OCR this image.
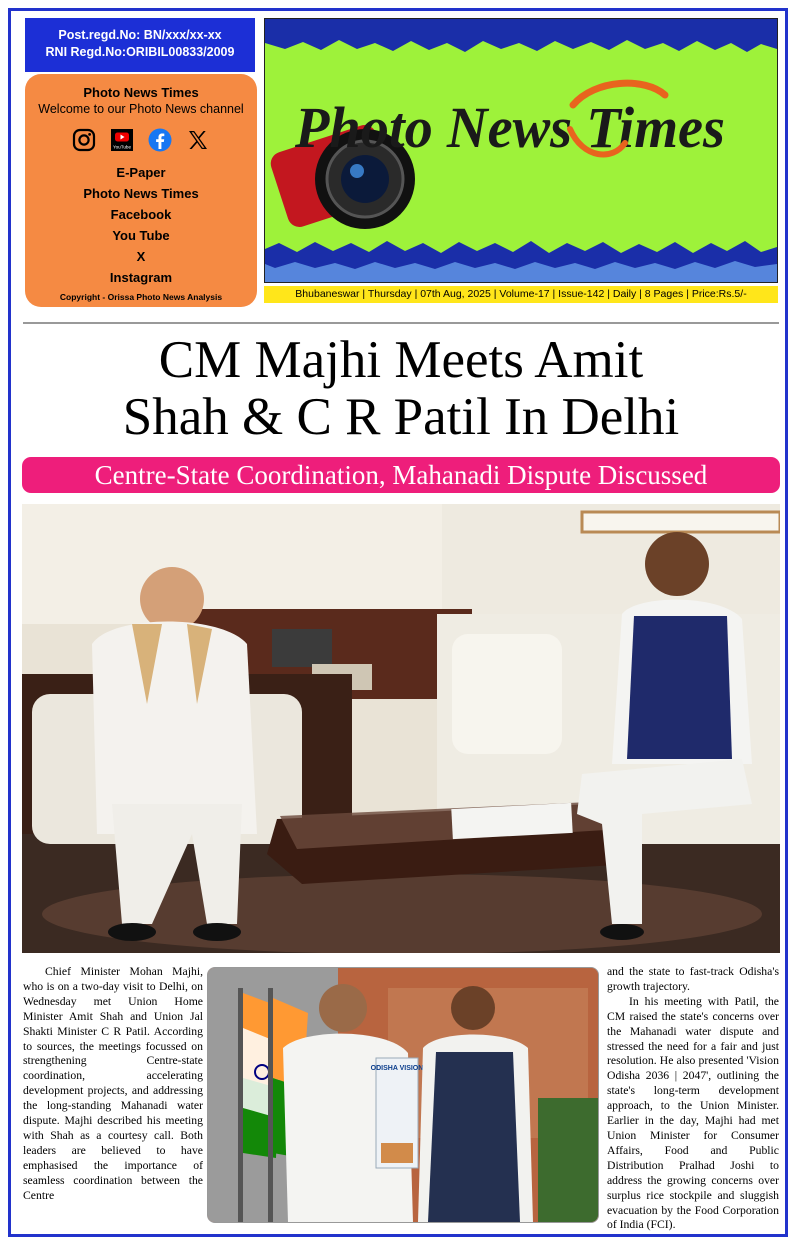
Post.regd.No: BN/xxx/xx-xx
RNI Regd.No:ORIBIL00833/2009
Photo News Times
Welcome to our Photo News channel
YouTube
E-Paper
Photo News Times
Facebook
You Tube
X
Instagram
Copyright - Orissa Photo News Analysis
Photo News Times
Bhubaneswar | Thursday | 07th Aug, 2025 | Volume-17 | Issue-142 | Daily | 8 Pages | Price:Rs.5/-
CM Majhi Meets Amit
Shah & C R Patil In Delhi
Centre-State Coordination, Mahanadi Dispute Discussed

Chief Minister Mohan Majhi, who is on a two-day visit to Delhi, on Wednesday met Union Home Minister Amit Shah and Union Jal Shakti Minister C R Patil. According to sources, the meetings focussed on strengthening Centre-state coordination, accelerating development projects, and addressing the long-standing Mahanadi water dispute. Majhi described his meeting with Shah as a courtesy call. Both leaders are believed to have emphasised the importance of seamless coordination between the Centre

ODISHA VISION

and the state to fast-track Odisha's growth trajectory.

In his meeting with Patil, the CM raised the state's concerns over the Mahanadi water dispute and stressed the need for a fair and just resolution. He also presented 'Vision Odisha 2036 | 2047', outlining the state's long-term development approach, to the Union Minister. Earlier in the day, Majhi had met Union Minister for Consumer Affairs, Food and Public Distribution Pralhad Joshi to address the growing concerns over surplus rice stockpile and sluggish evacuation by the Food Corporation of India (FCI).
